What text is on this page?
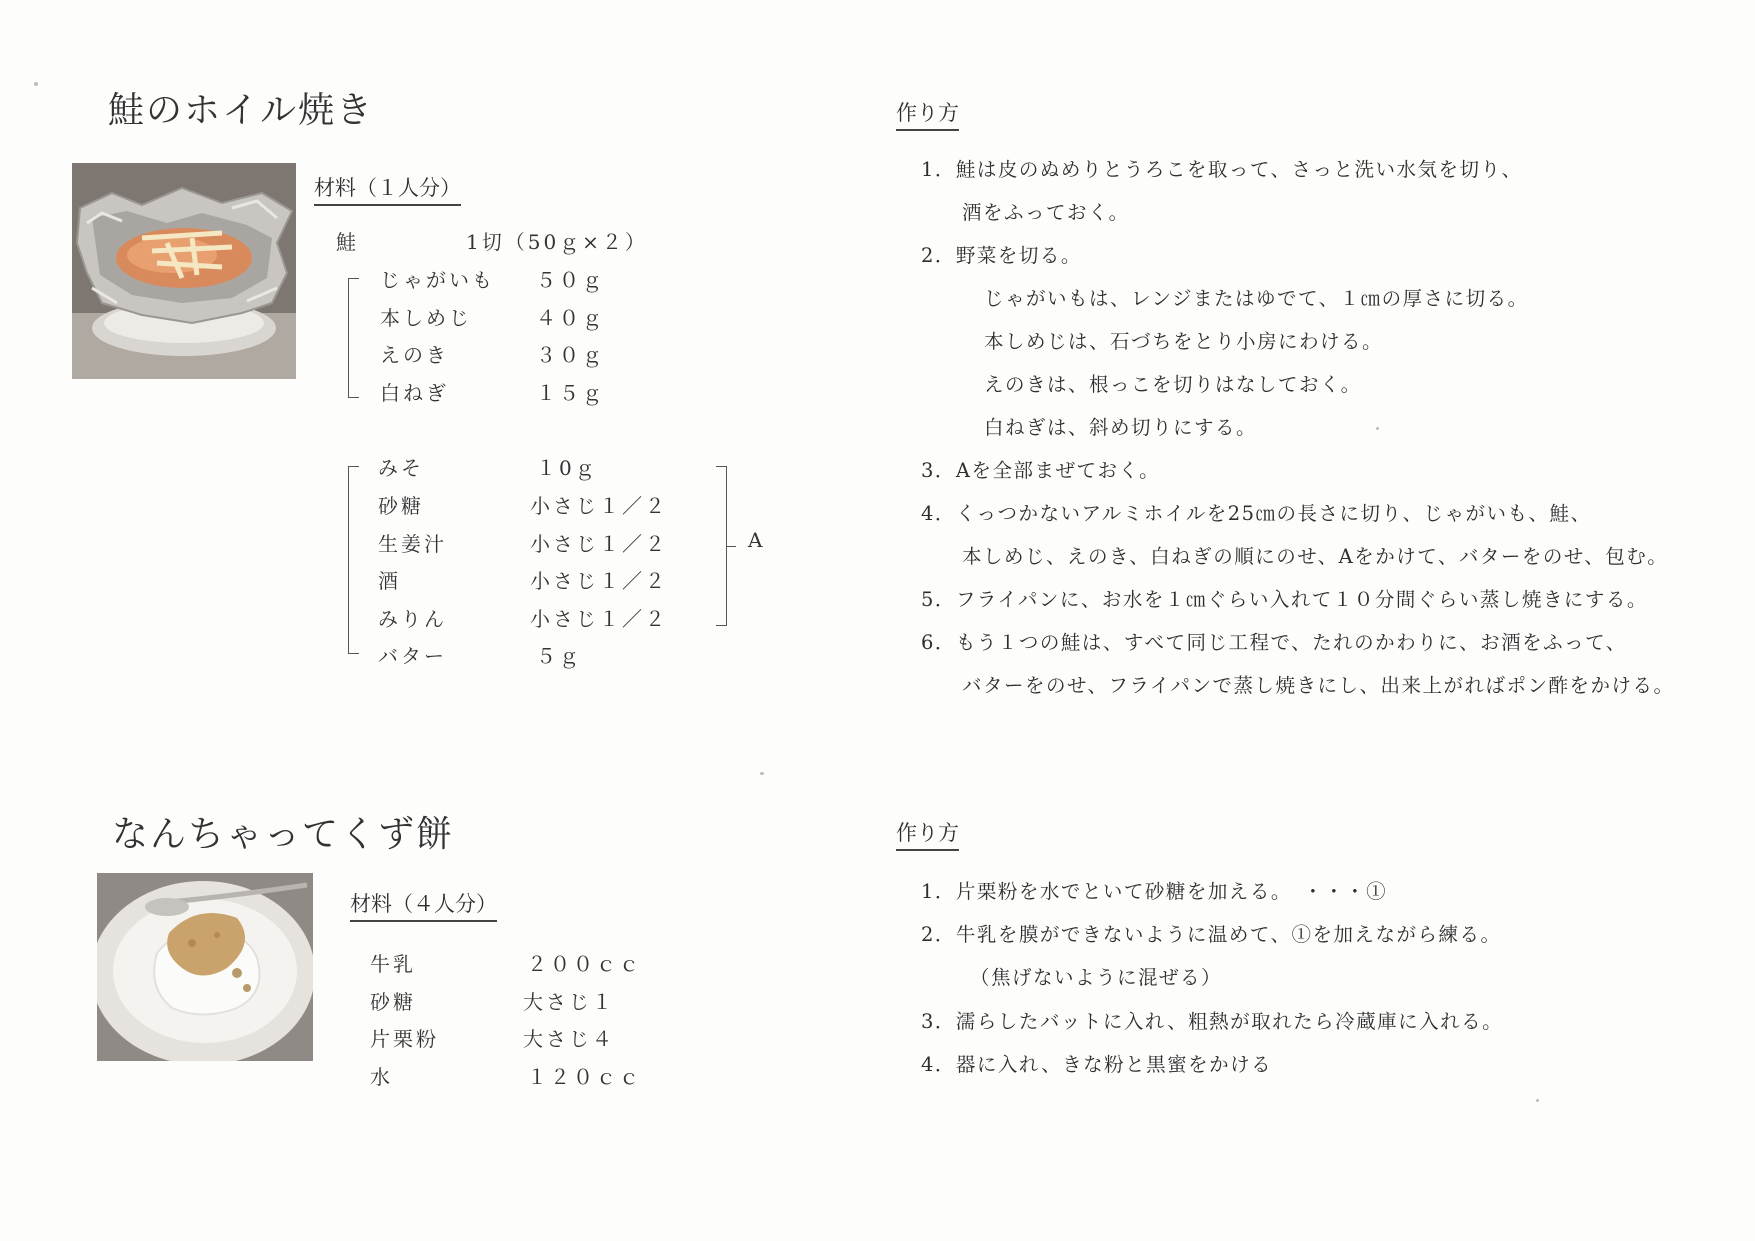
鮭のホイル焼き
材料（１人分）
鮭	1切（50ｇ×２）
じゃがいも ５０ｇ
本しめじ	４０ｇ
えのき	３０ｇ
白ねぎ	１５ｇ
A
みそ	１0ｇ
砂糖	小さじ１／２
生姜汁	小さじ１／２
酒	小さじ１／２
みりん	小さじ１／２
バター	５ｇ
作り方
1．鮭は皮のぬめりとうろこを取って、さっと洗い水気を切り、
酒をふっておく。
2．野菜を切る。
じゃがいもは、レンジまたはゆでて、１㎝の厚さに切る。
本しめじは、石づちをとり小房にわける。
えのきは、根っこを切りはなしておく。
白ねぎは、斜め切りにする。
3．Aを全部まぜておく。
4．くっつかないアルミホイルを25㎝の長さに切り、じゃがいも、鮭、
本しめじ、えのき、白ねぎの順にのせ、Aをかけて、バターをのせ、包む。
5．フライパンに、お水を１㎝ぐらい入れて１０分間ぐらい蒸し焼きにする。
6．もう１つの鮭は、すべて同じ工程で、たれのかわりに、お酒をふって、
バターをのせ、フライパンで蒸し焼きにし、出来上がればポン酢をかける。
なんちゃってくず餅
材料（４人分）
牛乳	２００ｃｃ
砂糖	大さじ１
片栗粉	大さじ４
水	１２０ｃｃ
作り方
1．片栗粉を水でといて砂糖を加える。　・・・①
2．牛乳を膜ができないように温めて、①を加えながら練る。
（焦げないように混ぜる）
3．濡らしたバットに入れ、粗熱が取れたら冷蔵庫に入れる。
4．器に入れ、きな粉と黒蜜をかける
